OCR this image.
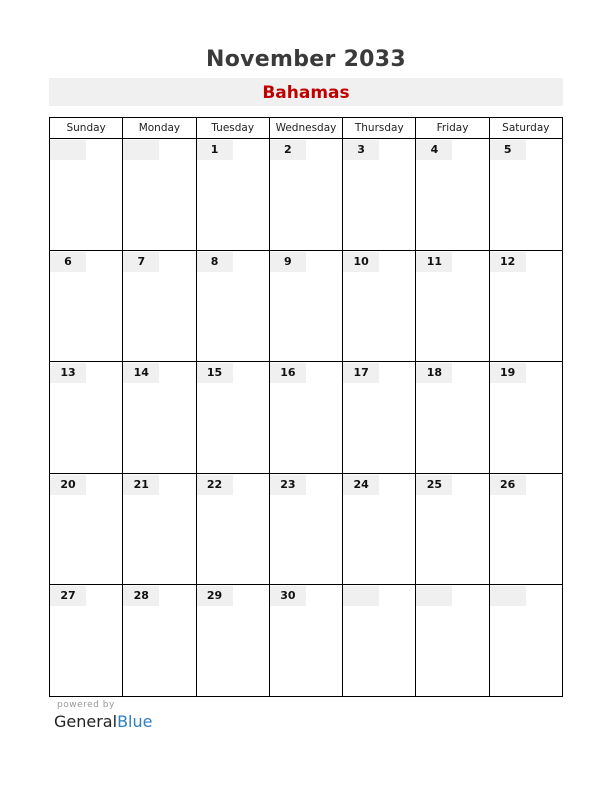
November 2033
Bahamas
Sunday	Monday	Tuesday	Wednesday	Thursday	Friday	Saturday

		1	2	3	4	5

6	7	8	9	10	11	12

13	14	15	16	17	18	19

20	21	22	23	24	25	26

27	28	29	30			

powered by
GeneralBlue
